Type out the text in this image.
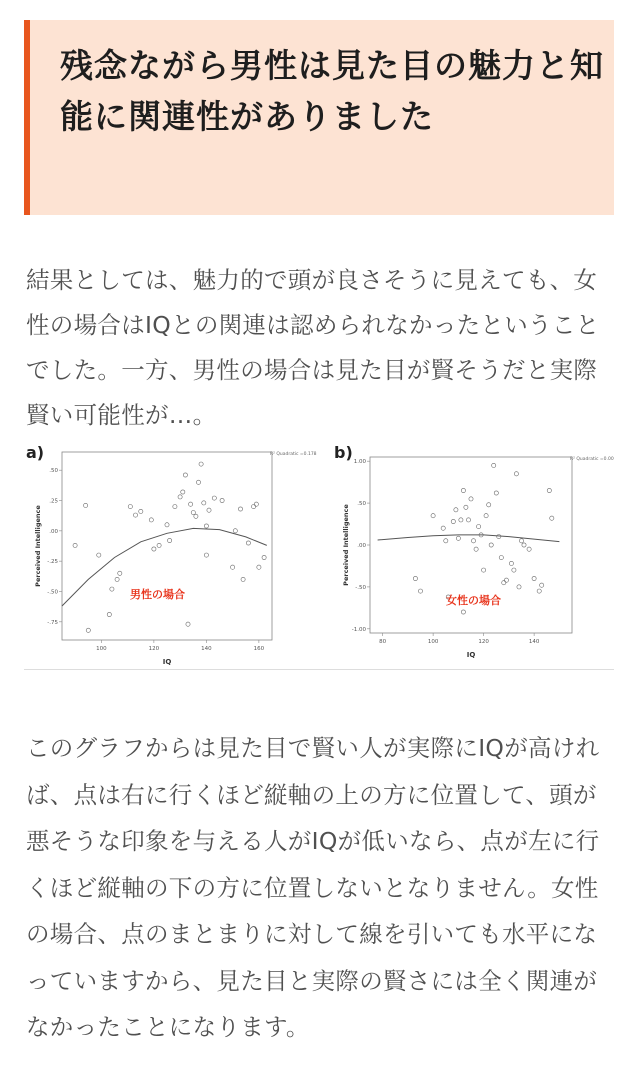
残念ながら男性は見た目の魅力と知能に関連性がありました

結果としては、魅力的で頭が良さそうに見えても、女性の場合はIQとの関連は認められなかったということでした。一方、男性の場合は見た目が賢そうだと実際賢い可能性が…。

a)
.50
.25
.00
-.25
-.50
-.75
100	120	140	160
IQ
Perceived Intelligence
R² Quadratic =0.178
男性の場合
b)
1.00
.50
.00
-.50
-1.00
80	100	120	140
IQ
Perceived Intelligence
R² Quadratic =0.009
女性の場合

このグラフからは見た目で賢い人が実際にIQが高ければ、点は右に行くほど縦軸の上の方に位置して、頭が悪そうな印象を与える人がIQが低いなら、点が左に行くほど縦軸の下の方に位置しないとなりません。女性の場合、点のまとまりに対して線を引いても水平になっていますから、見た目と実際の賢さには全く関連がなかったことになります。
